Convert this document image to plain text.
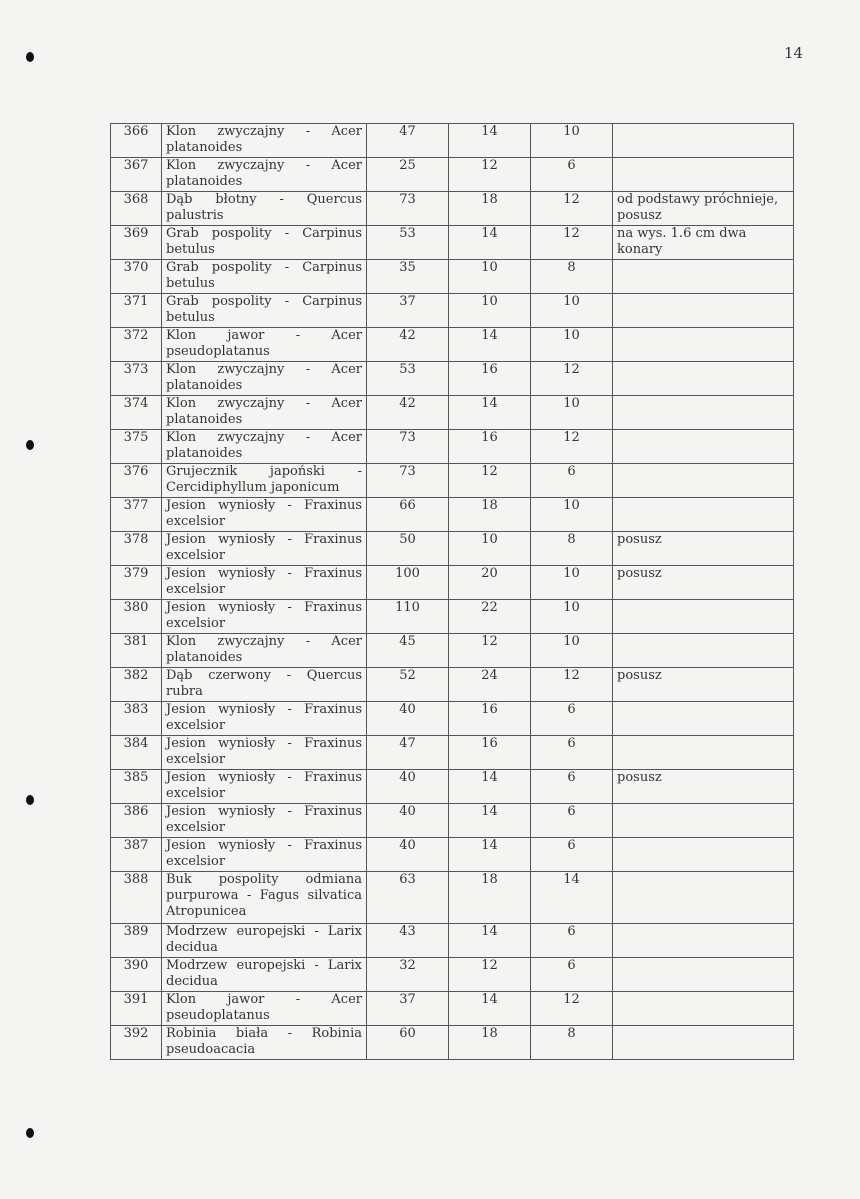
14
366	Klon zwyczajny - Acer platanoides	47	14	10	
367	Klon zwyczajny - Acer platanoides	25	12	6	
368	Dąb błotny - Quercus palustris	73	18	12	od podstawy próchnieje, posusz
369	Grab pospolity - Carpinus betulus	53	14	12	na wys. 1.6 cm dwa konary
370	Grab pospolity - Carpinus betulus	35	10	8	
371	Grab pospolity - Carpinus betulus	37	10	10	
372	Klon jawor - Acer pseudoplatanus	42	14	10	
373	Klon zwyczajny - Acer platanoides	53	16	12	
374	Klon zwyczajny - Acer platanoides	42	14	10	
375	Klon zwyczajny - Acer platanoides	73	16	12	
376	Grujecznik japoński - Cercidiphyllum japonicum	73	12	6	
377	Jesion wyniosły - Fraxinus excelsior	66	18	10	
378	Jesion wyniosły - Fraxinus excelsior	50	10	8	posusz
379	Jesion wyniosły - Fraxinus excelsior	100	20	10	posusz
380	Jesion wyniosły - Fraxinus excelsior	110	22	10	
381	Klon zwyczajny - Acer platanoides	45	12	10	
382	Dąb czerwony - Quercus rubra	52	24	12	posusz
383	Jesion wyniosły - Fraxinus excelsior	40	16	6	
384	Jesion wyniosły - Fraxinus excelsior	47	16	6	
385	Jesion wyniosły - Fraxinus excelsior	40	14	6	posusz
386	Jesion wyniosły - Fraxinus excelsior	40	14	6	
387	Jesion wyniosły - Fraxinus excelsior	40	14	6	
388	Buk pospolity odmiana purpurowa - Fagus silvatica Atropunicea	63	18	14	
389	Modrzew europejski - Larix decidua	43	14	6	
390	Modrzew europejski - Larix decidua	32	12	6	
391	Klon jawor - Acer pseudoplatanus	37	14	12	
392	Robinia biała - Robinia pseudoacacia	60	18	8	
